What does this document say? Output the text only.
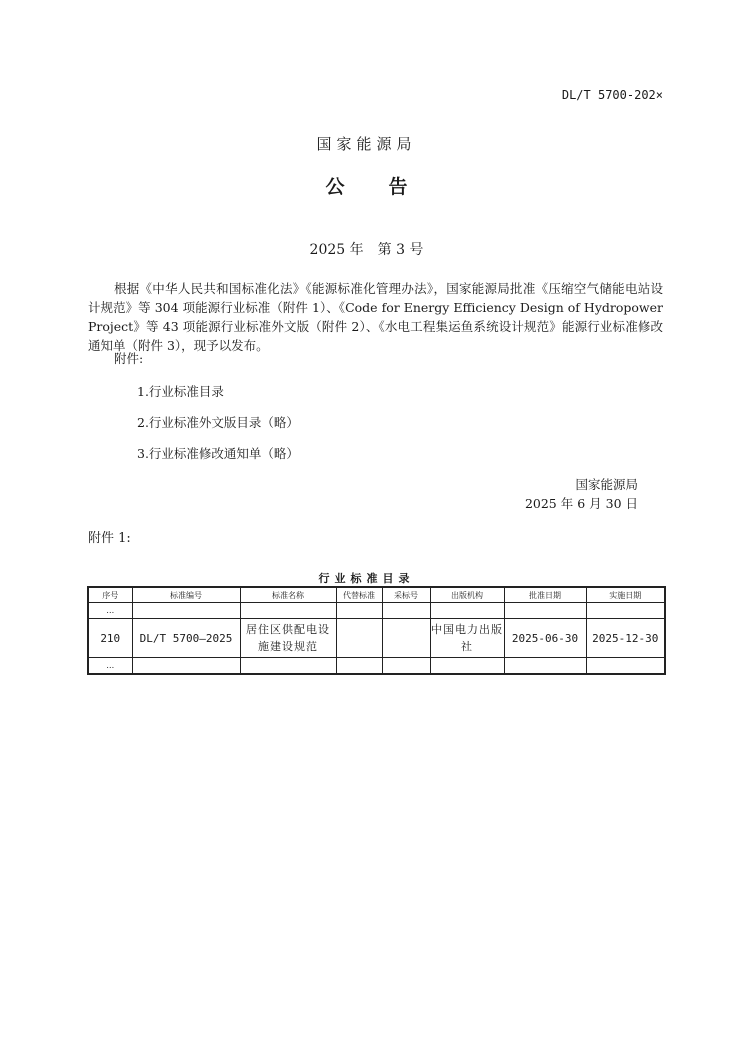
DL/T 5700-202×
国家能源局
公 告
2025 年　第 3 号
根据《中华人民共和国标准化法》《能源标准化管理办法》，国家能源局批准《压缩空气储能电站设计规范》等 304 项能源行业标准（附件 1）、《Code for Energy Efficiency Design of Hydropower Project》等 43 项能源行业标准外文版（附件 2）、《水电工程集运鱼系统设计规范》能源行业标准修改通知单（附件 3），现予以发布。
附件:
1.行业标准目录
2.行业标准外文版目录（略）
3.行业标准修改通知单（略）
国家能源局
2025 年 6 月 30 日
附件 1:
行业标准目录
序号	标准编号	标准名称	代替标准	采标号	出版机构	批准日期	实施日期
…							
210	DL/T 5700—2025	居住区供配电设施建设规范			中国电力出版社	2025-06-30	2025-12-30
…							
